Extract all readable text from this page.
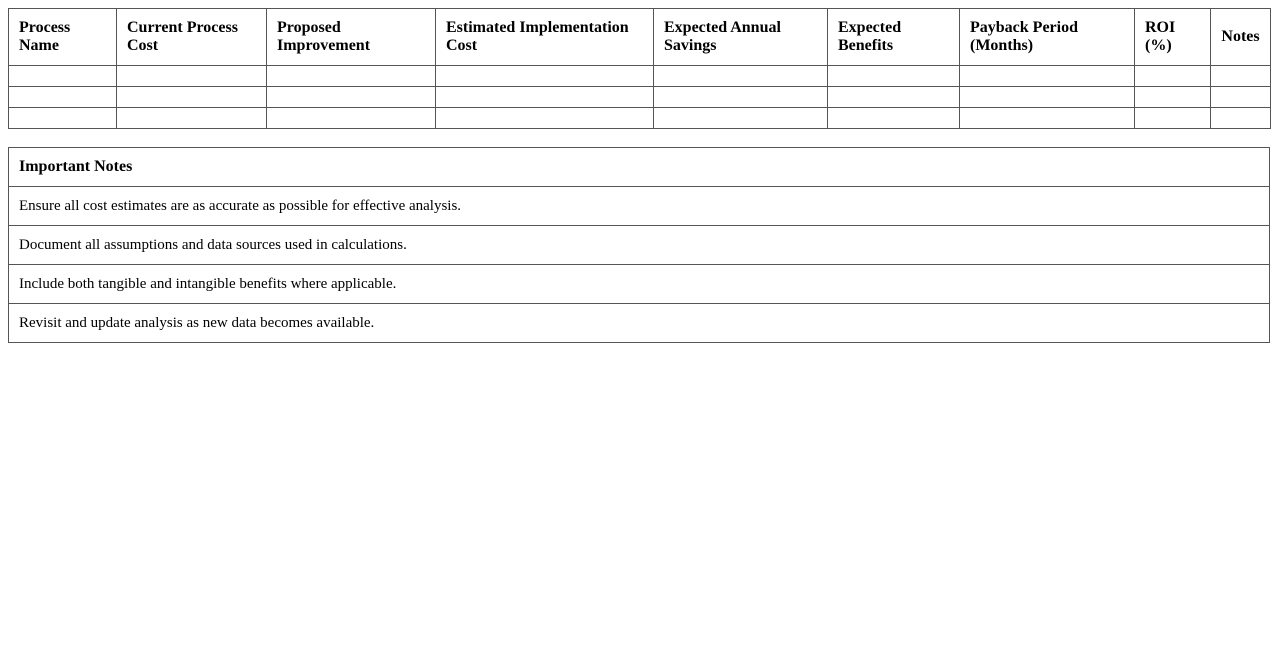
Process Name	Current Process Cost	Proposed Improvement	Estimated Implementation Cost	Expected Annual Savings	Expected Benefits	Payback Period (Months)	ROI (%)	Notes

Important Notes
Ensure all cost estimates are as accurate as possible for effective analysis.
Document all assumptions and data sources used in calculations.
Include both tangible and intangible benefits where applicable.
Revisit and update analysis as new data becomes available.
